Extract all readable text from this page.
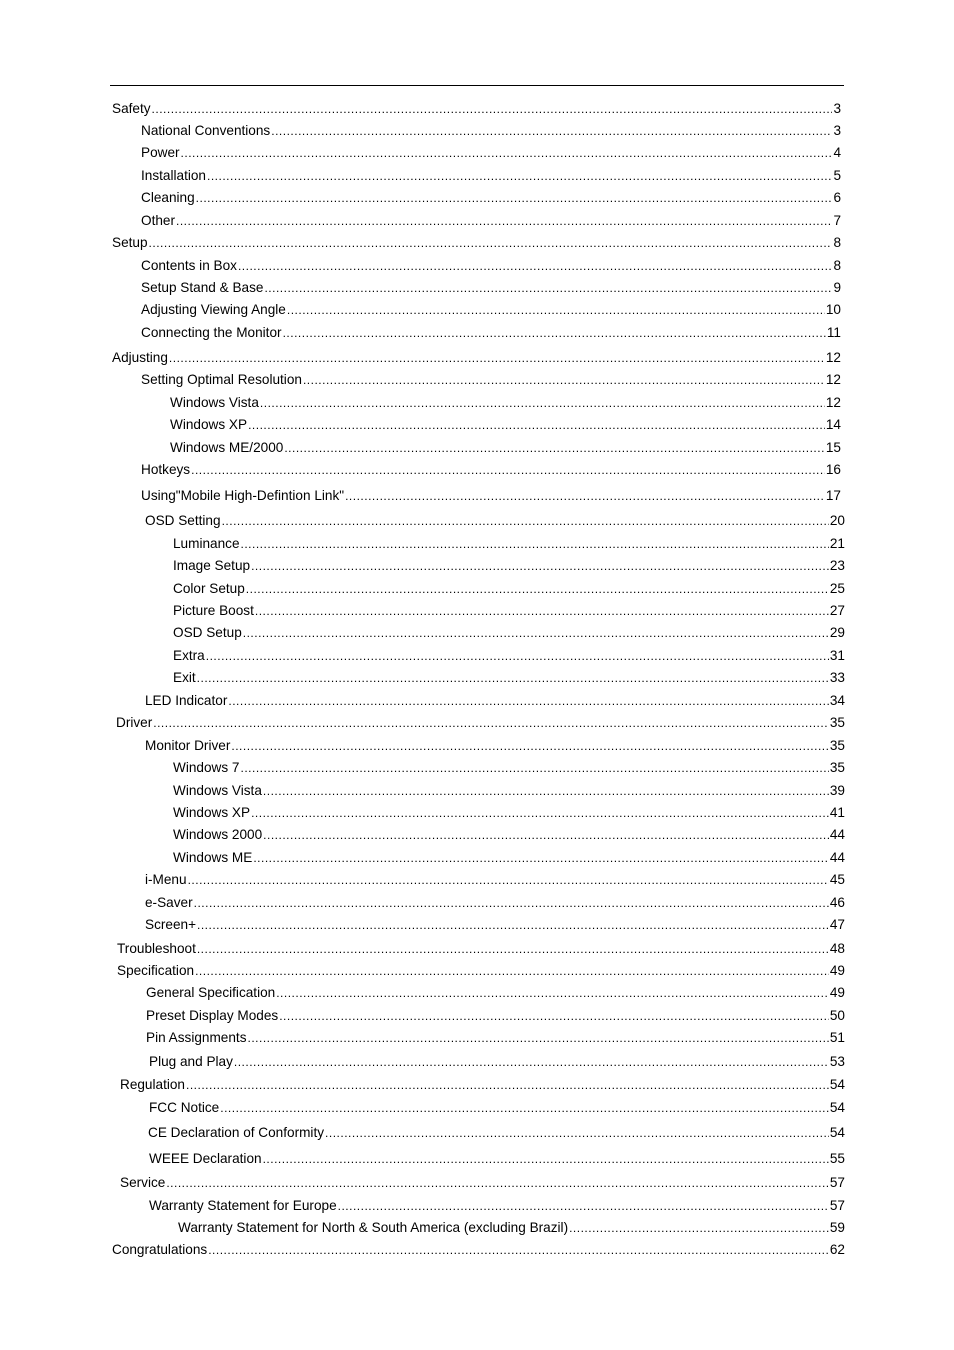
Safety .....	3
National Conventions .....	3
Power .....	4
Installation .....	5
Cleaning .....	6
Other .....	7
Setup .....	8
Contents in Box .....	8
Setup Stand & Base .....	9
Adjusting Viewing Angle .....	10
Connecting the Monitor .....	11
Adjusting .....	12
Setting Optimal Resolution .....	12
Windows Vista .....	12
Windows XP .....	14
Windows ME/2000 .....	15
Hotkeys .....	16
Using"Mobile High-Defintion Link" .....	17
OSD Setting .....	20
Luminance .....	21
Image Setup .....	23
Color Setup .....	25
Picture Boost .....	27
OSD Setup .....	29
Extra .....	31
Exit .....	33
LED Indicator .....	34
Driver .....	35
Monitor Driver .....	35
Windows 7 .....	35
Windows Vista .....	39
Windows XP .....	41
Windows 2000 .....	44
Windows ME .....	44
i-Menu .....	45
e-Saver .....	46
Screen+ .....	47
Troubleshoot .....	48
Specification .....	49
General Specification .....	49
Preset Display Modes .....	50
Pin Assignments .....	51
Plug and Play .....	53
Regulation .....	54
FCC Notice .....	54
CE Declaration of Conformity .....	54
WEEE Declaration .....	55
Service .....	57
Warranty Statement for Europe .....	57
Warranty Statement for North & South America (excluding Brazil) .....	59
Congratulations .....	62
